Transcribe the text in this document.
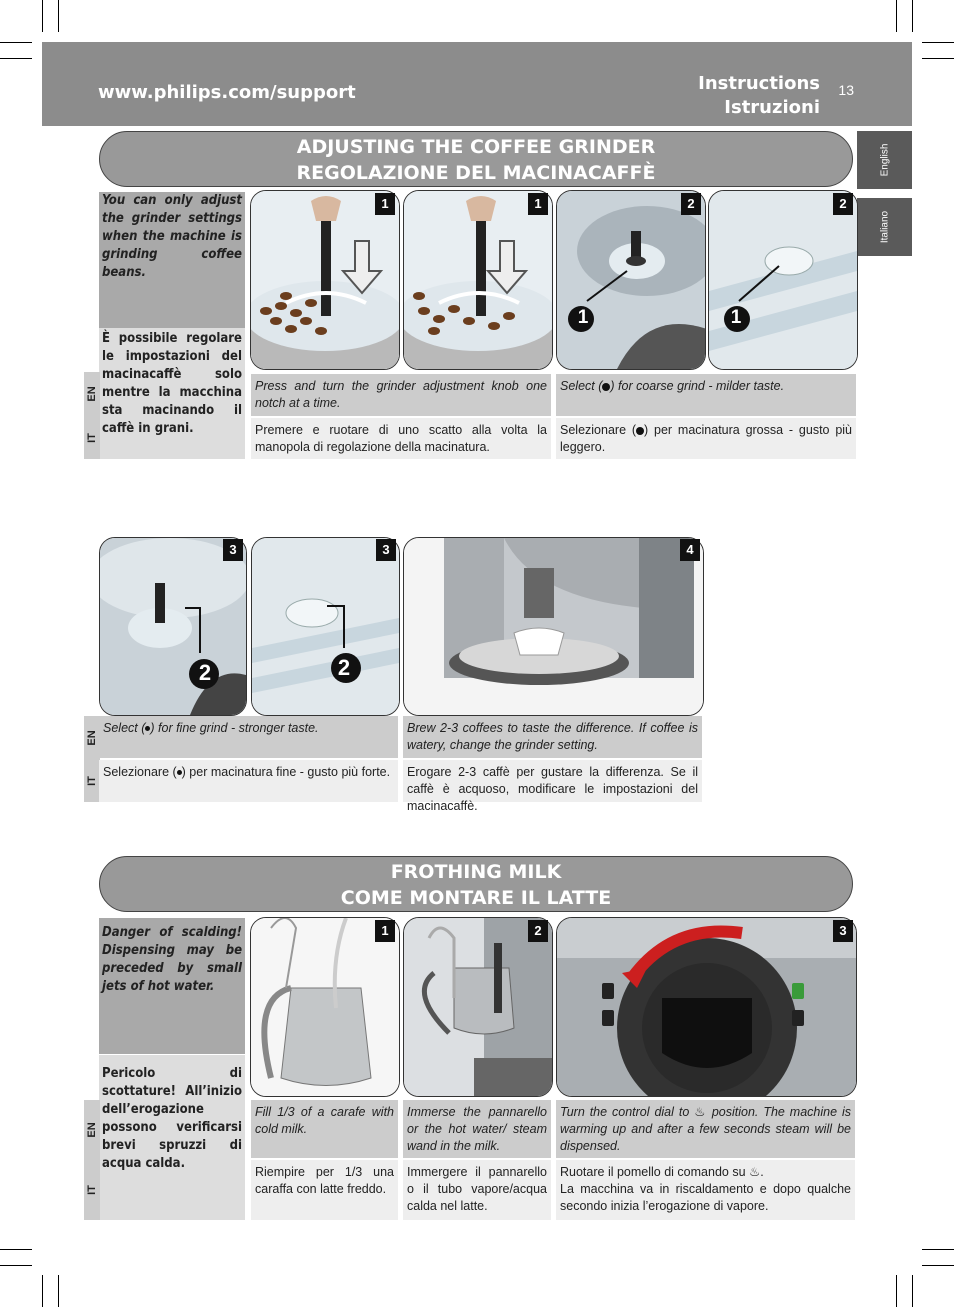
www.philips.com/support	Instructions
Istruzioni
13
English
Italiano
ADJUSTING THE COFFEE GRINDER
REGOLAZIONE DEL MACINACAFFÈ

You can only adjust the grinder settings when the machine is grinding coffee beans.

È possibile regolare le impostazioni del macinacaffè solo mentre la macchina sta macinando il caffè in grani.

EN
IT
1	1	2
1
2
1
Press and turn the grinder adjustment knob one notch at a time.
Premere e ruotare di uno scatto alla volta la manopola di regolazione della macinatura.
Select ( ) for coarse grind - milder taste.
Selezionare ( ) per macinatura grossa - gusto più leggero.
3
2
3
2
4
EN
IT
Select ( ) for fine grind - stronger taste.
Selezionare ( ) per macinatura fine - gusto più forte.
Brew 2-3 coffees to taste the difference. If coffee is watery, change the grinder setting.
Erogare 2-3 caffè per gustare la differenza. Se il caffè è acquoso, modificare le impostazioni del macinacaffè.
FROTHING MILK
COME MONTARE IL LATTE

Danger of scalding! Dispensing may be preceded by small jets of hot water.

Pericolo di scottature! All’inizio dell’erogazione possono verificarsi brevi spruzzi di acqua calda.

EN
IT
1	2	3
Fill 1/3 of a carafe with cold milk.
Riempire per 1/3 una caraffa con latte freddo.
Immerse the pannarello or the hot water/ steam wand in the milk.
Immergere il pannarello o il tubo vapore/acqua calda nel latte.
Turn the control dial to ♨ position. The machine is warming up and after a few seconds steam will be dispensed.
Ruotare il pomello di comando su ♨.
La macchina va in riscaldamento e dopo qualche secondo inizia l’erogazione di vapore.
